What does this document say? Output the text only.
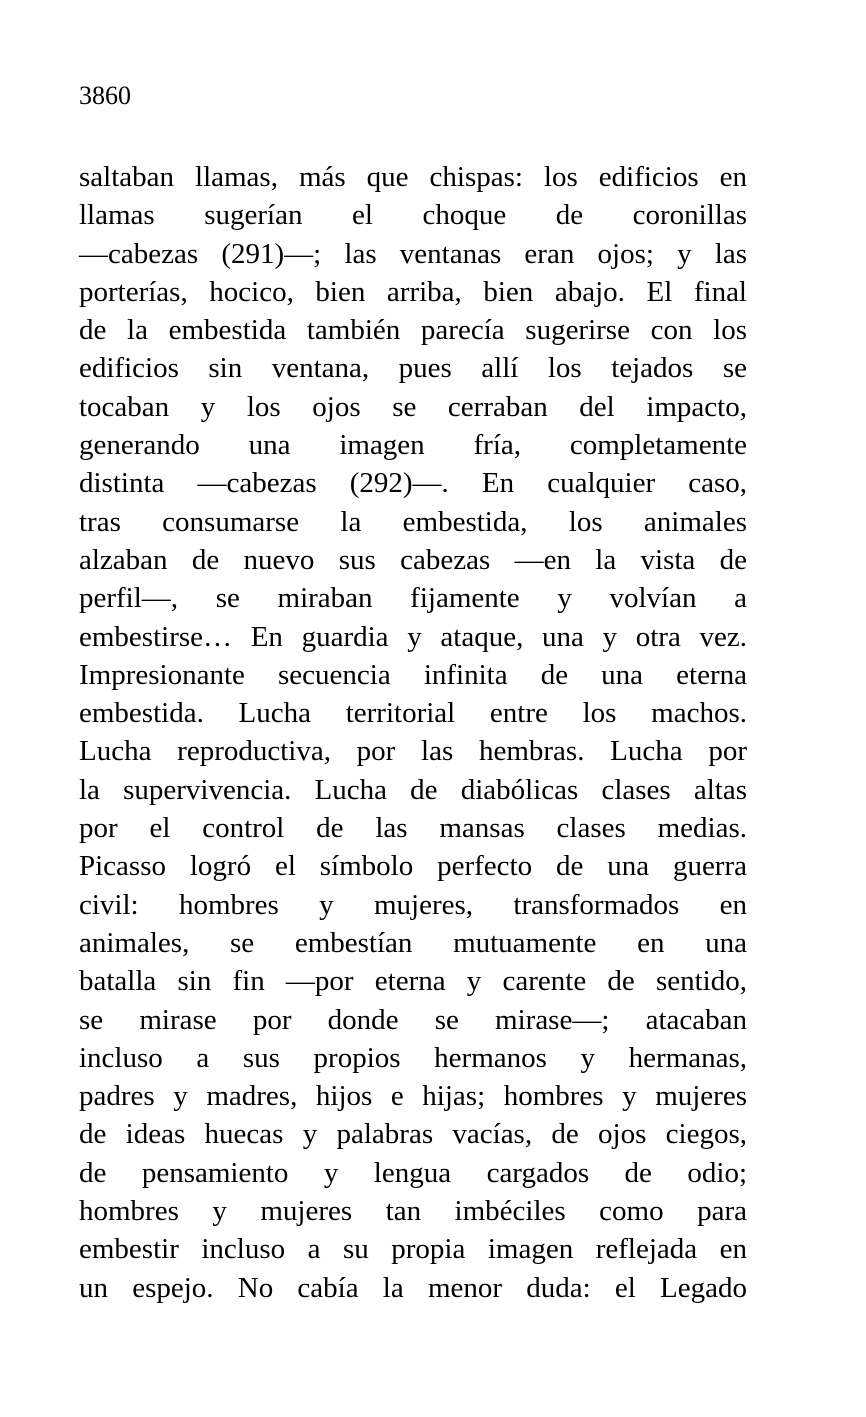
3860
saltaban llamas, más que chispas: los edificios en
llamas sugerían el choque de coronillas
—cabezas (291)—; las ventanas eran ojos; y las
porterías, hocico, bien arriba, bien abajo. El final
de la embestida también parecía sugerirse con los
edificios sin ventana, pues allí los tejados se
tocaban y los ojos se cerraban del impacto,
generando una imagen fría, completamente
distinta —cabezas (292)—. En cualquier caso,
tras consumarse la embestida, los animales
alzaban de nuevo sus cabezas —en la vista de
perfil—, se miraban fijamente y volvían a
embestirse… En guardia y ataque, una y otra vez.
Impresionante secuencia infinita de una eterna
embestida. Lucha territorial entre los machos.
Lucha reproductiva, por las hembras. Lucha por
la supervivencia. Lucha de diabólicas clases altas
por el control de las mansas clases medias.
Picasso logró el símbolo perfecto de una guerra
civil: hombres y mujeres, transformados en
animales, se embestían mutuamente en una
batalla sin fin —por eterna y carente de sentido,
se mirase por donde se mirase—; atacaban
incluso a sus propios hermanos y hermanas,
padres y madres, hijos e hijas; hombres y mujeres
de ideas huecas y palabras vacías, de ojos ciegos,
de pensamiento y lengua cargados de odio;
hombres y mujeres tan imbéciles como para
embestir incluso a su propia imagen reflejada en
un espejo. No cabía la menor duda: el Legado
